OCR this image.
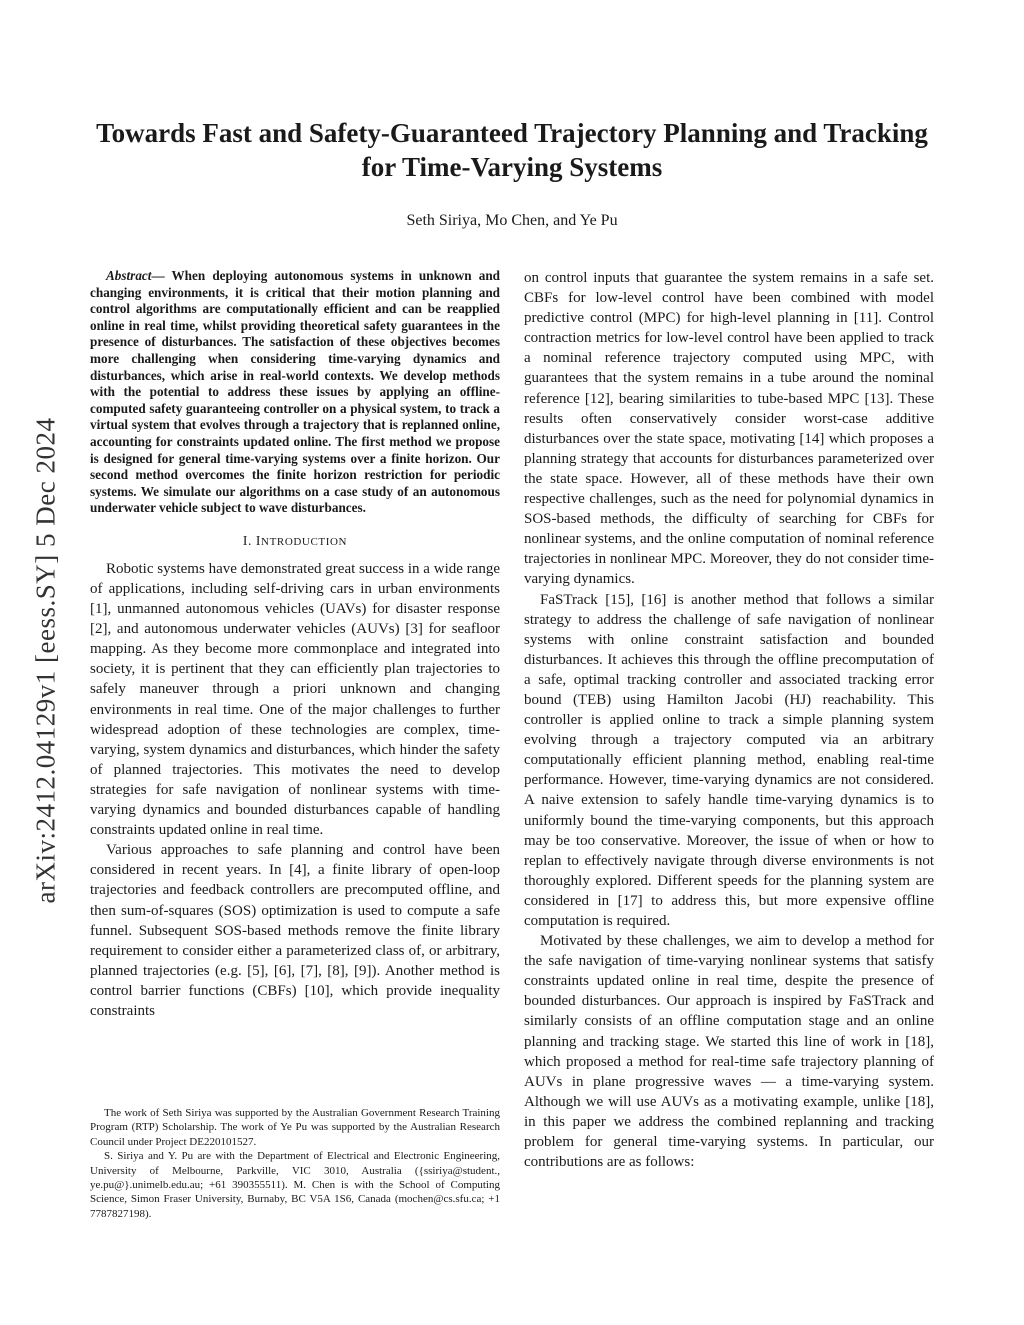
arXiv:2412.04129v1 [eess.SY] 5 Dec 2024
Towards Fast and Safety-Guaranteed Trajectory Planning and Tracking
for Time-Varying Systems
Seth Siriya, Mo Chen, and Ye Pu

Abstract— When deploying autonomous systems in unknown and changing environments, it is critical that their motion planning and control algorithms are computationally efficient and can be reapplied online in real time, whilst providing theoretical safety guarantees in the presence of disturbances. The satisfaction of these objectives becomes more challenging when considering time-varying dynamics and disturbances, which arise in real-world contexts. We develop methods with the potential to address these issues by applying an offline-computed safety guaranteeing controller on a physical system, to track a virtual system that evolves through a trajectory that is replanned online, accounting for constraints updated online. The first method we propose is designed for general time-varying systems over a finite horizon. Our second method overcomes the finite horizon restriction for periodic systems. We simulate our algorithms on a case study of an autonomous underwater vehicle subject to wave disturbances.

I. INTRODUCTION

Robotic systems have demonstrated great success in a wide range of applications, including self-driving cars in urban environments [1], unmanned autonomous vehicles (UAVs) for disaster response [2], and autonomous underwater vehicles (AUVs) [3] for seafloor mapping. As they become more commonplace and integrated into society, it is pertinent that they can efficiently plan trajectories to safely maneuver through a priori unknown and changing environments in real time. One of the major challenges to further widespread adoption of these technologies are complex, time-varying, system dynamics and disturbances, which hinder the safety of planned trajectories. This motivates the need to develop strategies for safe navigation of nonlinear systems with time-varying dynamics and bounded disturbances capable of handling constraints updated online in real time.

Various approaches to safe planning and control have been considered in recent years. In [4], a finite library of open-loop trajectories and feedback controllers are precomputed offline, and then sum-of-squares (SOS) optimization is used to compute a safe funnel. Subsequent SOS-based methods remove the finite library requirement to consider either a parameterized class of, or arbitrary, planned trajectories (e.g. [5], [6], [7], [8], [9]). Another method is control barrier functions (CBFs) [10], which provide inequality constraints

on control inputs that guarantee the system remains in a safe set. CBFs for low-level control have been combined with model predictive control (MPC) for high-level planning in [11]. Control contraction metrics for low-level control have been applied to track a nominal reference trajectory computed using MPC, with guarantees that the system remains in a tube around the nominal reference [12], bearing similarities to tube-based MPC [13]. These results often conservatively consider worst-case additive disturbances over the state space, motivating [14] which proposes a planning strategy that accounts for disturbances parameterized over the state space. However, all of these methods have their own respective challenges, such as the need for polynomial dynamics in SOS-based methods, the difficulty of searching for CBFs for nonlinear systems, and the online computation of nominal reference trajectories in nonlinear MPC. Moreover, they do not consider time-varying dynamics.

FaSTrack [15], [16] is another method that follows a similar strategy to address the challenge of safe navigation of nonlinear systems with online constraint satisfaction and bounded disturbances. It achieves this through the offline precomputation of a safe, optimal tracking controller and associated tracking error bound (TEB) using Hamilton Jacobi (HJ) reachability. This controller is applied online to track a simple planning system evolving through a trajectory computed via an arbitrary computationally efficient planning method, enabling real-time performance. However, time-varying dynamics are not considered. A naive extension to safely handle time-varying dynamics is to uniformly bound the time-varying components, but this approach may be too conservative. Moreover, the issue of when or how to replan to effectively navigate through diverse environments is not thoroughly explored. Different speeds for the planning system are considered in [17] to address this, but more expensive offline computation is required.

Motivated by these challenges, we aim to develop a method for the safe navigation of time-varying nonlinear systems that satisfy constraints updated online in real time, despite the presence of bounded disturbances. Our approach is inspired by FaSTrack and similarly consists of an offline computation stage and an online planning and tracking stage. We started this line of work in [18], which proposed a method for real-time safe trajectory planning of AUVs in plane progressive waves — a time-varying system. Although we will use AUVs as a motivating example, unlike [18], in this paper we address the combined replanning and tracking problem for general time-varying systems. In particular, our contributions are as follows:

The work of Seth Siriya was supported by the Australian Government Research Training Program (RTP) Scholarship. The work of Ye Pu was supported by the Australian Research Council under Project DE220101527.

S. Siriya and Y. Pu are with the Department of Electrical and Electronic Engineering, University of Melbourne, Parkville, VIC 3010, Australia ({ssiriya@student., ye.pu@}.unimelb.edu.au; +61 390355511). M. Chen is with the School of Computing Science, Simon Fraser University, Burnaby, BC V5A 1S6, Canada (mochen@cs.sfu.ca; +1 7787827198).
